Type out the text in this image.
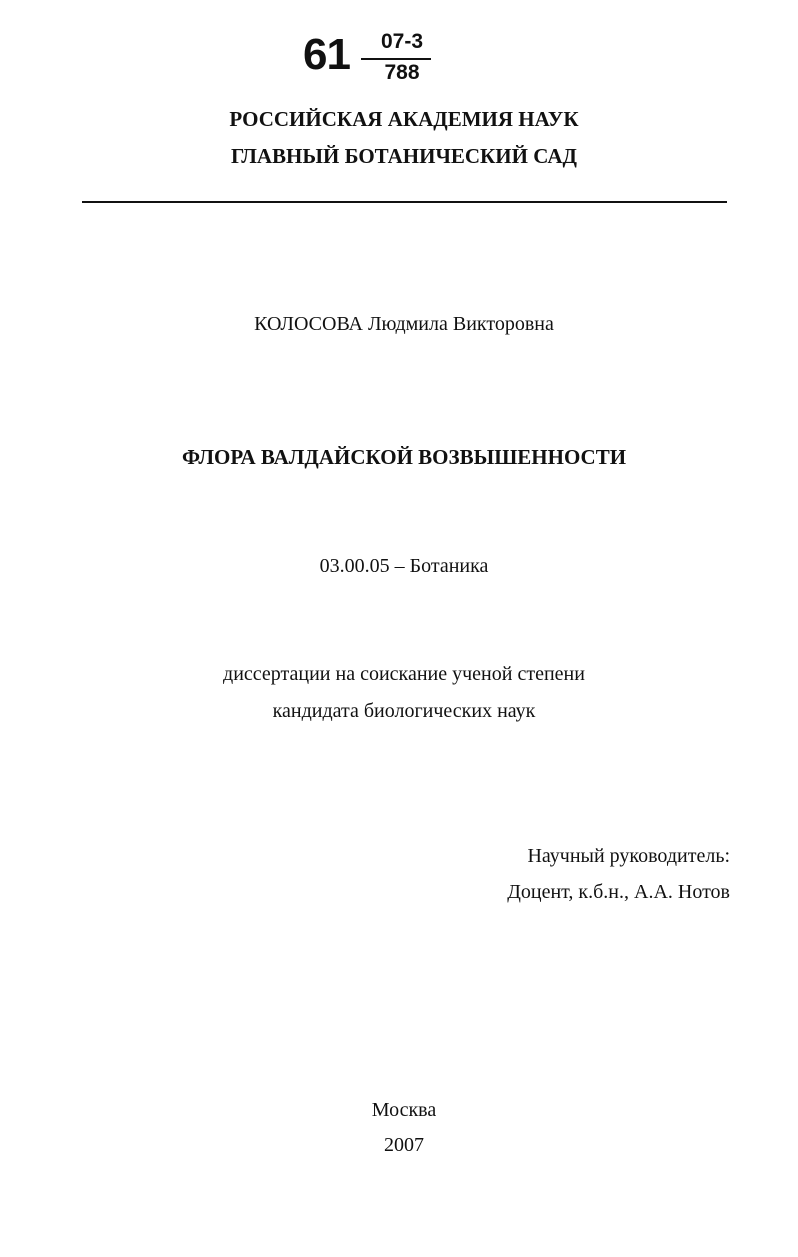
61	07-3
788
РОССИЙСКАЯ АКАДЕМИЯ НАУК
ГЛАВНЫЙ БОТАНИЧЕСКИЙ САД
КОЛОСОВА Людмила Викторовна
ФЛОРА ВАЛДАЙСКОЙ ВОЗВЫШЕННОСТИ
03.00.05 – Ботаника
диссертации на соискание ученой степени
кандидата биологических наук
Научный руководитель:
Доцент, к.б.н., А.А. Нотов
Москва
2007
